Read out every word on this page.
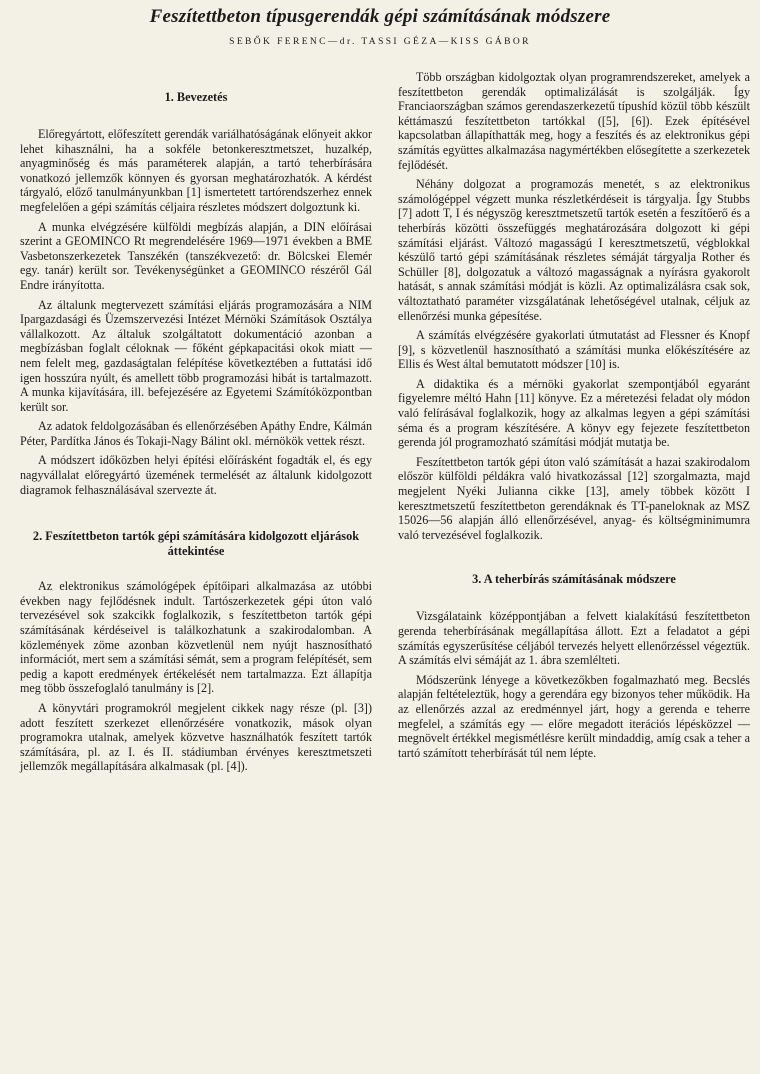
Feszítettbeton típusgerendák gépi számításának módszere
SEBŐK FERENC—dr. TASSI GÉZA—KISS GÁBOR
1. Bevezetés

Előregyártott, előfeszített gerendák variálhatóságának előnyeit akkor lehet kihasználni, ha a sokféle betonkeresztmetszet, huzalkép, anyagminőség és más paraméterek alapján, a tartó teherbírására vonatkozó jellemzők könnyen és gyorsan meghatározhatók. A kérdést tárgyaló, előző tanulmányunkban [1] ismertetett tartórendszerhez ennek megfelelően a gépi számítás céljaira részletes módszert dolgoztunk ki.

A munka elvégzésére külföldi megbízás alapján, a DIN előírásai szerint a GEOMINCO Rt megrendelésére 1969—1971 években a BME Vasbetonszerkezetek Tanszékén (tanszékvezető: dr. Bölcskei Elemér egy. tanár) került sor. Tevékenységünket a GEOMINCO részéről Gál Endre irányította.

Az általunk megtervezett számítási eljárás programozására a NIM Ipargazdasági és Üzemszervezési Intézet Mérnöki Számítások Osztálya vállalkozott. Az általuk szolgáltatott dokumentáció azonban a megbízásban foglalt céloknak — főként gépkapacitási okok miatt — nem felelt meg, gazdaságtalan felépítése következtében a futtatási idő igen hosszúra nyúlt, és amellett több programozási hibát is tartalmazott. A munka kijavítására, ill. befejezésére az Egyetemi Számítóközpontban került sor.

Az adatok feldolgozásában és ellenőrzésében Apáthy Endre, Kálmán Péter, Pardítka János és Tokaji-Nagy Bálint okl. mérnökök vettek részt.

A módszert időközben helyi építési előírásként fogadták el, és egy nagyvállalat előregyártó üzemének termelését az általunk kidolgozott diagramok felhasználásával szervezte át.

2. Feszítettbeton tartók gépi számítására kidolgozott eljárások áttekintése

Az elektronikus számológépek építőipari alkalmazása az utóbbi években nagy fejlődésnek indult. Tartószerkezetek gépi úton való tervezésével sok szakcikk foglalkozik, s feszítettbeton tartók gépi számításának kérdéseivel is találkozhatunk a szakirodalomban. A közlemények zöme azonban közvetlenül nem nyújt hasznosítható információt, mert sem a számítási sémát, sem a program felépítését, sem pedig a kapott eredmények értékelését nem tartalmazza. Ezt állapítja meg több összefoglaló tanulmány is [2].

A könyvtári programokról megjelent cikkek nagy része (pl. [3]) adott feszített szerkezet ellenőrzésére vonatkozik, mások olyan programokra utalnak, amelyek közvetve használhatók feszített tartók számítására, pl. az I. és II. stádiumban érvényes keresztmetszeti jellemzők megállapítására alkalmasak (pl. [4]).

Több országban kidolgoztak olyan programrendszereket, amelyek a feszítettbeton gerendák optimalizálását is szolgálják. Így Franciaországban számos gerendaszerkezetű típushíd közül több készült kéttámaszú feszítettbeton tartókkal ([5], [6]). Ezek építésével kapcsolatban állapíthatták meg, hogy a feszítés és az elektronikus gépi számítás együttes alkalmazása nagymértékben elősegítette a szerkezetek fejlődését.

Néhány dolgozat a programozás menetét, s az elektronikus számológéppel végzett munka részletkérdéseit is tárgyalja. Így Stubbs [7] adott T, I és négyszög keresztmetszetű tartók esetén a feszítőerő és a teherbírás közötti összefüggés meghatározására dolgozott ki gépi számítási eljárást. Változó magasságú I keresztmetszetű, végblokkal készülő tartó gépi számításának részletes sémáját tárgyalja Rother és Schüller [8], dolgozatuk a változó magasságnak a nyírásra gyakorolt hatását, s annak számítási módját is közli. Az optimalizálásra csak sok, változtatható paraméter vizsgálatának lehetőségével utalnak, céljuk az ellenőrzési munka gépesítése.

A számítás elvégzésére gyakorlati útmutatást ad Flessner és Knopf [9], s közvetlenül hasznosítható a számítási munka előkészítésére az Ellis és West által bemutatott módszer [10] is.

A didaktika és a mérnöki gyakorlat szempontjából egyaránt figyelemre méltó Hahn [11] könyve. Ez a méretezési feladat oly módon való felírásával foglalkozik, hogy az alkalmas legyen a gépi számítási séma és a program készítésére. A könyv egy fejezete feszítettbeton gerenda jól programozható számítási módját mutatja be.

Feszítettbeton tartók gépi úton való számítását a hazai szakirodalom először külföldi példákra való hivatkozással [12] szorgalmazta, majd megjelent Nyéki Julianna cikke [13], amely többek között I keresztmetszetű feszítettbeton gerendáknak és TT-paneloknak az MSZ 15026—56 alapján álló ellenőrzésével, anyag- és költségminimumra való tervezésével foglalkozik.

3. A teherbírás számításának módszere

Vizsgálataink középpontjában a felvett kialakítású feszítettbeton gerenda teherbírásának megállapítása állott. Ezt a feladatot a gépi számítás egyszerűsítése céljából tervezés helyett ellenőrzéssel végeztük. A számítás elvi sémáját az 1. ábra szemlélteti.

Módszerünk lényege a következőkben fogalmazható meg. Becslés alapján feltételeztük, hogy a gerendára egy bizonyos teher működik. Ha az ellenőrzés azzal az eredménnyel járt, hogy a gerenda e teherre megfelel, a számítás egy — előre megadott iterációs lépésközzel — megnövelt értékkel megismétlésre került mindaddig, amíg csak a teher a tartó számított teherbírását túl nem lépte.
